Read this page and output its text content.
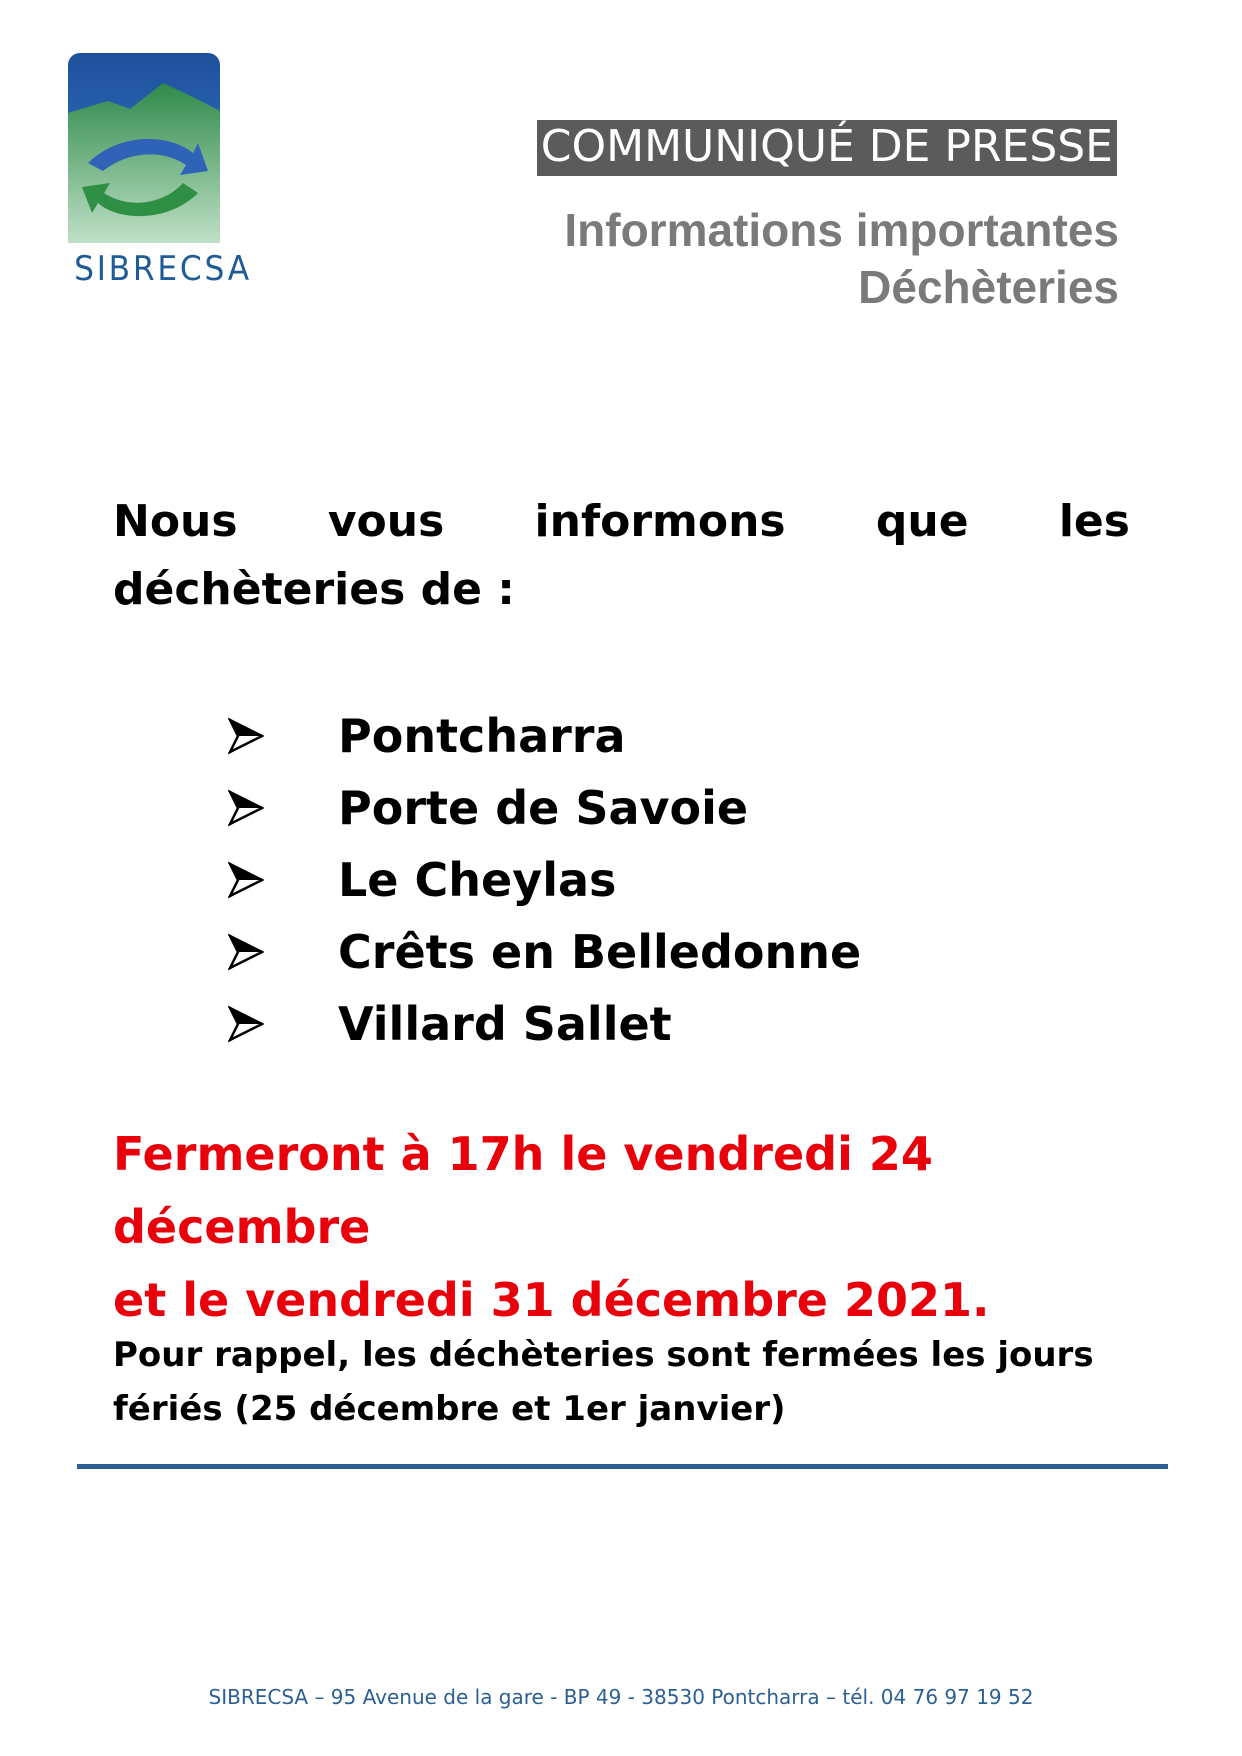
SIBRECSA
COMMUNIQUÉ DE PRESSE
Informations importantes
Déchèteries
Nous vous informons que les
déchèteries de :
Pontcharra
Porte de Savoie
Le Cheylas
Crêts en Belledonne
Villard Sallet
Fermeront à 17h le vendredi 24 décembre
et le vendredi 31 décembre 2021.
Pour rappel, les déchèteries sont fermées les jours
fériés (25 décembre et 1er janvier)
SIBRECSA – 95 Avenue de la gare - BP 49 - 38530 Pontcharra – tél. 04 76 97 19 52
